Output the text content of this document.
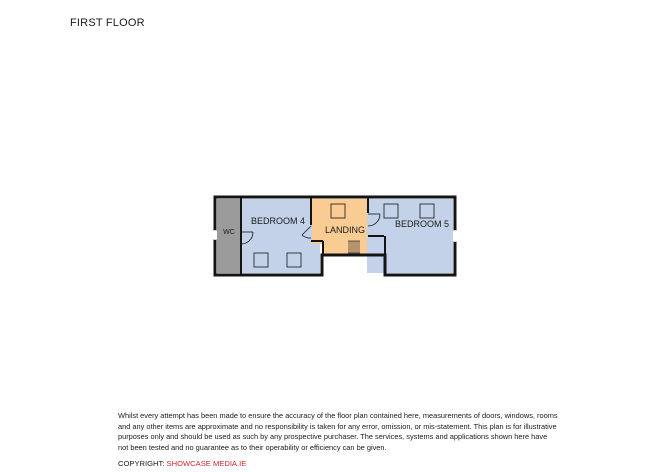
FIRST FLOOR
WC
BEDROOM 4
LANDING
BEDROOM 5
Whilst every attempt has been made to ensure the accuracy of the floor plan contained here, measurements of doors, windows, rooms and any other items are approximate and no responsibility is taken for any error, omission, or mis-statement. This plan is for illustrative purposes only and should be used as such by any prospective purchaser. The services, systems and applications shown here have not been tested and no guarantee as to their operability or efficiency can be given.
COPYRIGHT: SHOWCASE MEDIA.IE
